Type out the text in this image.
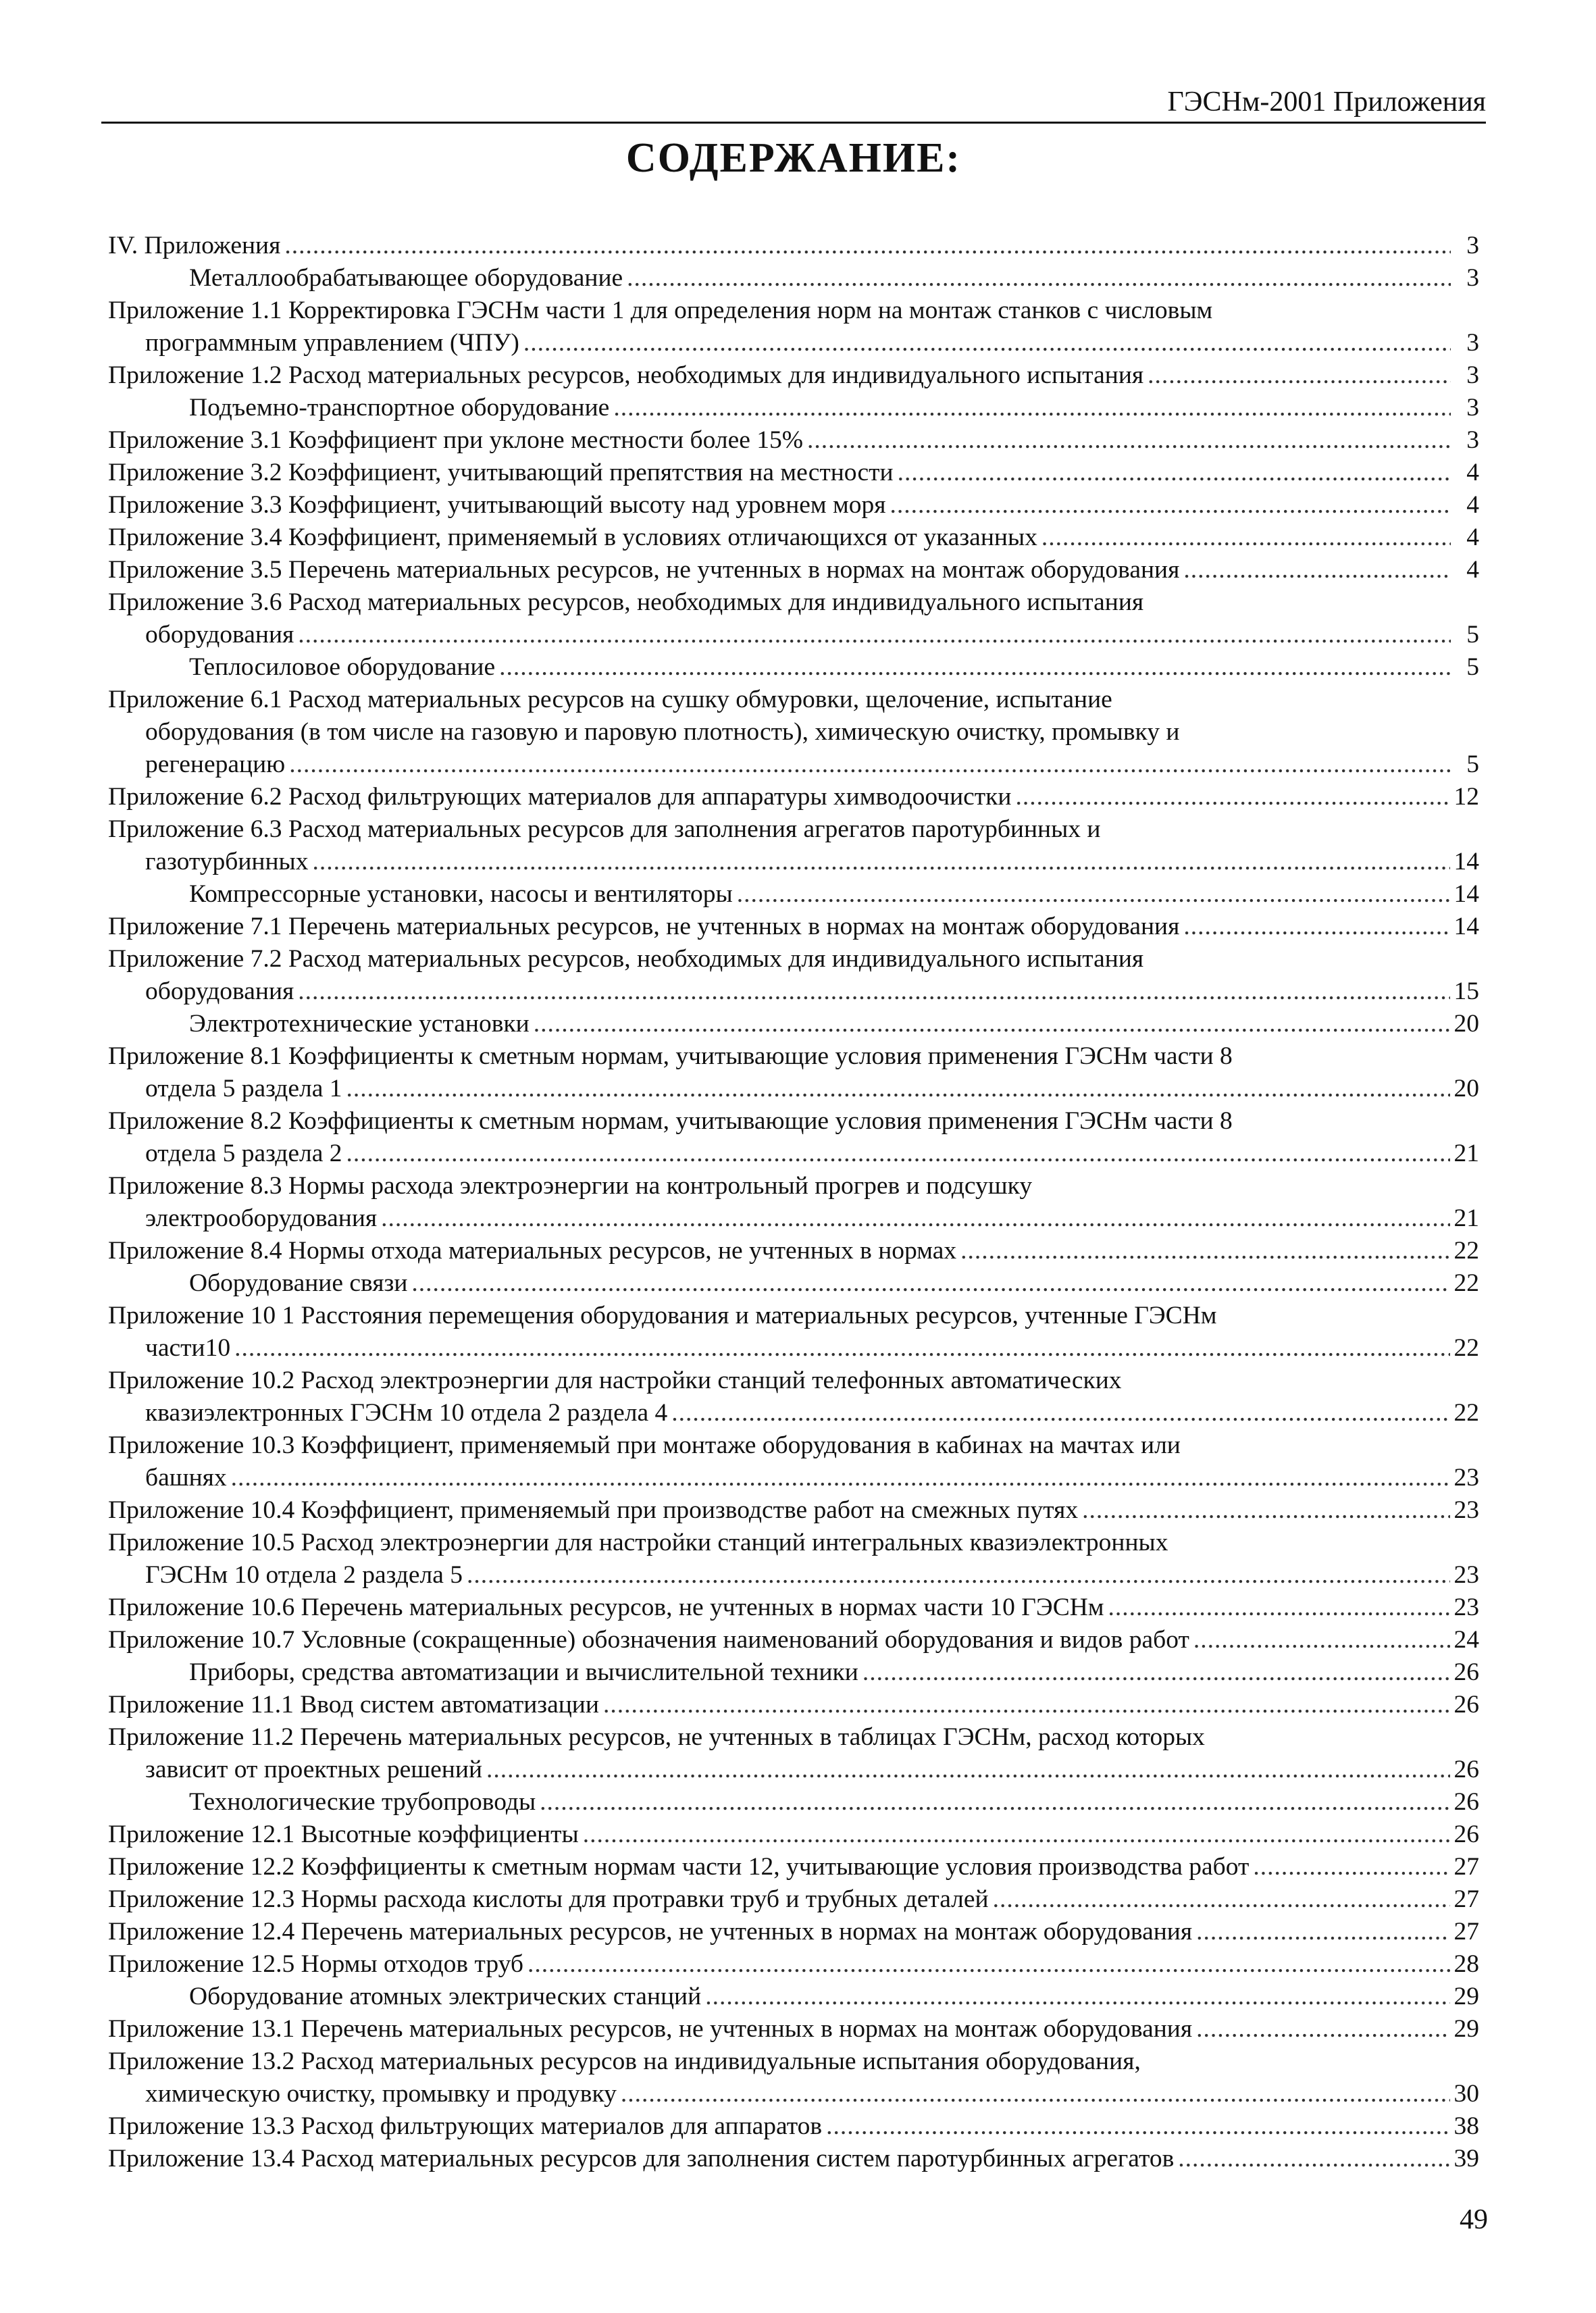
ГЭСНм-2001 Приложения
СОДЕРЖАНИЕ:
IV. Приложения .....	3
Металлообрабатывающее оборудование .....	3
Приложение 1.1 Корректировка ГЭСНм части 1 для определения норм на монтаж станков с числовым
программным управлением (ЧПУ) .....	3
Приложение 1.2 Расход материальных ресурсов, необходимых для индивидуального испытания .....	3
Подъемно-транспортное оборудование .....	3
Приложение 3.1 Коэффициент при уклоне местности более 15% .....	3
Приложение 3.2 Коэффициент, учитывающий препятствия на местности .....	4
Приложение 3.3 Коэффициент, учитывающий высоту над уровнем моря .....	4
Приложение 3.4 Коэффициент, применяемый в условиях отличающихся от указанных .....	4
Приложение 3.5 Перечень материальных ресурсов, не учтенных в нормах на монтаж оборудования .....	4
Приложение 3.6 Расход материальных ресурсов, необходимых для индивидуального испытания
оборудования .....	5
Теплосиловое оборудование .....	5
Приложение 6.1 Расход материальных ресурсов на сушку обмуровки, щелочение, испытание
оборудования (в том числе на газовую и паровую плотность), химическую очистку, промывку и
регенерацию .....	5
Приложение 6.2 Расход фильтрующих материалов для аппаратуры химводоочистки .....	12
Приложение 6.3 Расход материальных ресурсов для заполнения агрегатов паротурбинных и
газотурбинных .....	14
Компрессорные установки, насосы и вентиляторы .....	14
Приложение 7.1 Перечень материальных ресурсов, не учтенных в нормах на монтаж оборудования .....	14
Приложение 7.2 Расход материальных ресурсов, необходимых для индивидуального испытания
оборудования .....	15
Электротехнические установки .....	20
Приложение 8.1 Коэффициенты к сметным нормам, учитывающие условия применения ГЭСНм части 8
отдела 5 раздела 1 .....	20
Приложение 8.2 Коэффициенты к сметным нормам, учитывающие условия применения ГЭСНм части 8
отдела 5 раздела 2 .....	21
Приложение 8.3 Нормы расхода электроэнергии на контрольный прогрев и подсушку
электрооборудования .....	21
Приложение 8.4 Нормы отхода материальных ресурсов, не учтенных в нормах .....	22
Оборудование связи .....	22
Приложение 10 1 Расстояния перемещения оборудования и материальных ресурсов, учтенные ГЭСНм
части10 .....	22
Приложение 10.2 Расход электроэнергии для настройки станций телефонных автоматических
квазиэлектронных ГЭСНм 10 отдела 2 раздела 4 .....	22
Приложение 10.3 Коэффициент, применяемый при монтаже оборудования в кабинах на мачтах или
башнях .....	23
Приложение 10.4 Коэффициент, применяемый при производстве работ на смежных путях .....	23
Приложение 10.5 Расход электроэнергии для настройки станций интегральных квазиэлектронных
ГЭСНм 10 отдела 2 раздела 5 .....	23
Приложение 10.6 Перечень материальных ресурсов, не учтенных в нормах части 10 ГЭСНм .....	23
Приложение 10.7 Условные (сокращенные) обозначения наименований оборудования и видов работ .....	24
Приборы, средства автоматизации и вычислительной техники .....	26
Приложение 11.1 Ввод систем автоматизации .....	26
Приложение 11.2 Перечень материальных ресурсов, не учтенных в таблицах ГЭСНм, расход которых
зависит от проектных решений .....	26
Технологические трубопроводы .....	26
Приложение 12.1 Высотные коэффициенты .....	26
Приложение 12.2 Коэффициенты к сметным нормам части 12, учитывающие условия производства работ .....	27
Приложение 12.3 Нормы расхода кислоты для протравки труб и трубных деталей .....	27
Приложение 12.4 Перечень материальных ресурсов, не учтенных в нормах на монтаж оборудования .....	27
Приложение 12.5 Нормы отходов труб .....	28
Оборудование атомных электрических станций .....	29
Приложение 13.1 Перечень материальных ресурсов, не учтенных в нормах на монтаж оборудования .....	29
Приложение 13.2 Расход материальных ресурсов на индивидуальные испытания оборудования,
химическую очистку, промывку и продувку .....	30
Приложение 13.3 Расход фильтрующих материалов для аппаратов .....	38
Приложение 13.4 Расход материальных ресурсов для заполнения систем паротурбинных агрегатов .....	39
49
